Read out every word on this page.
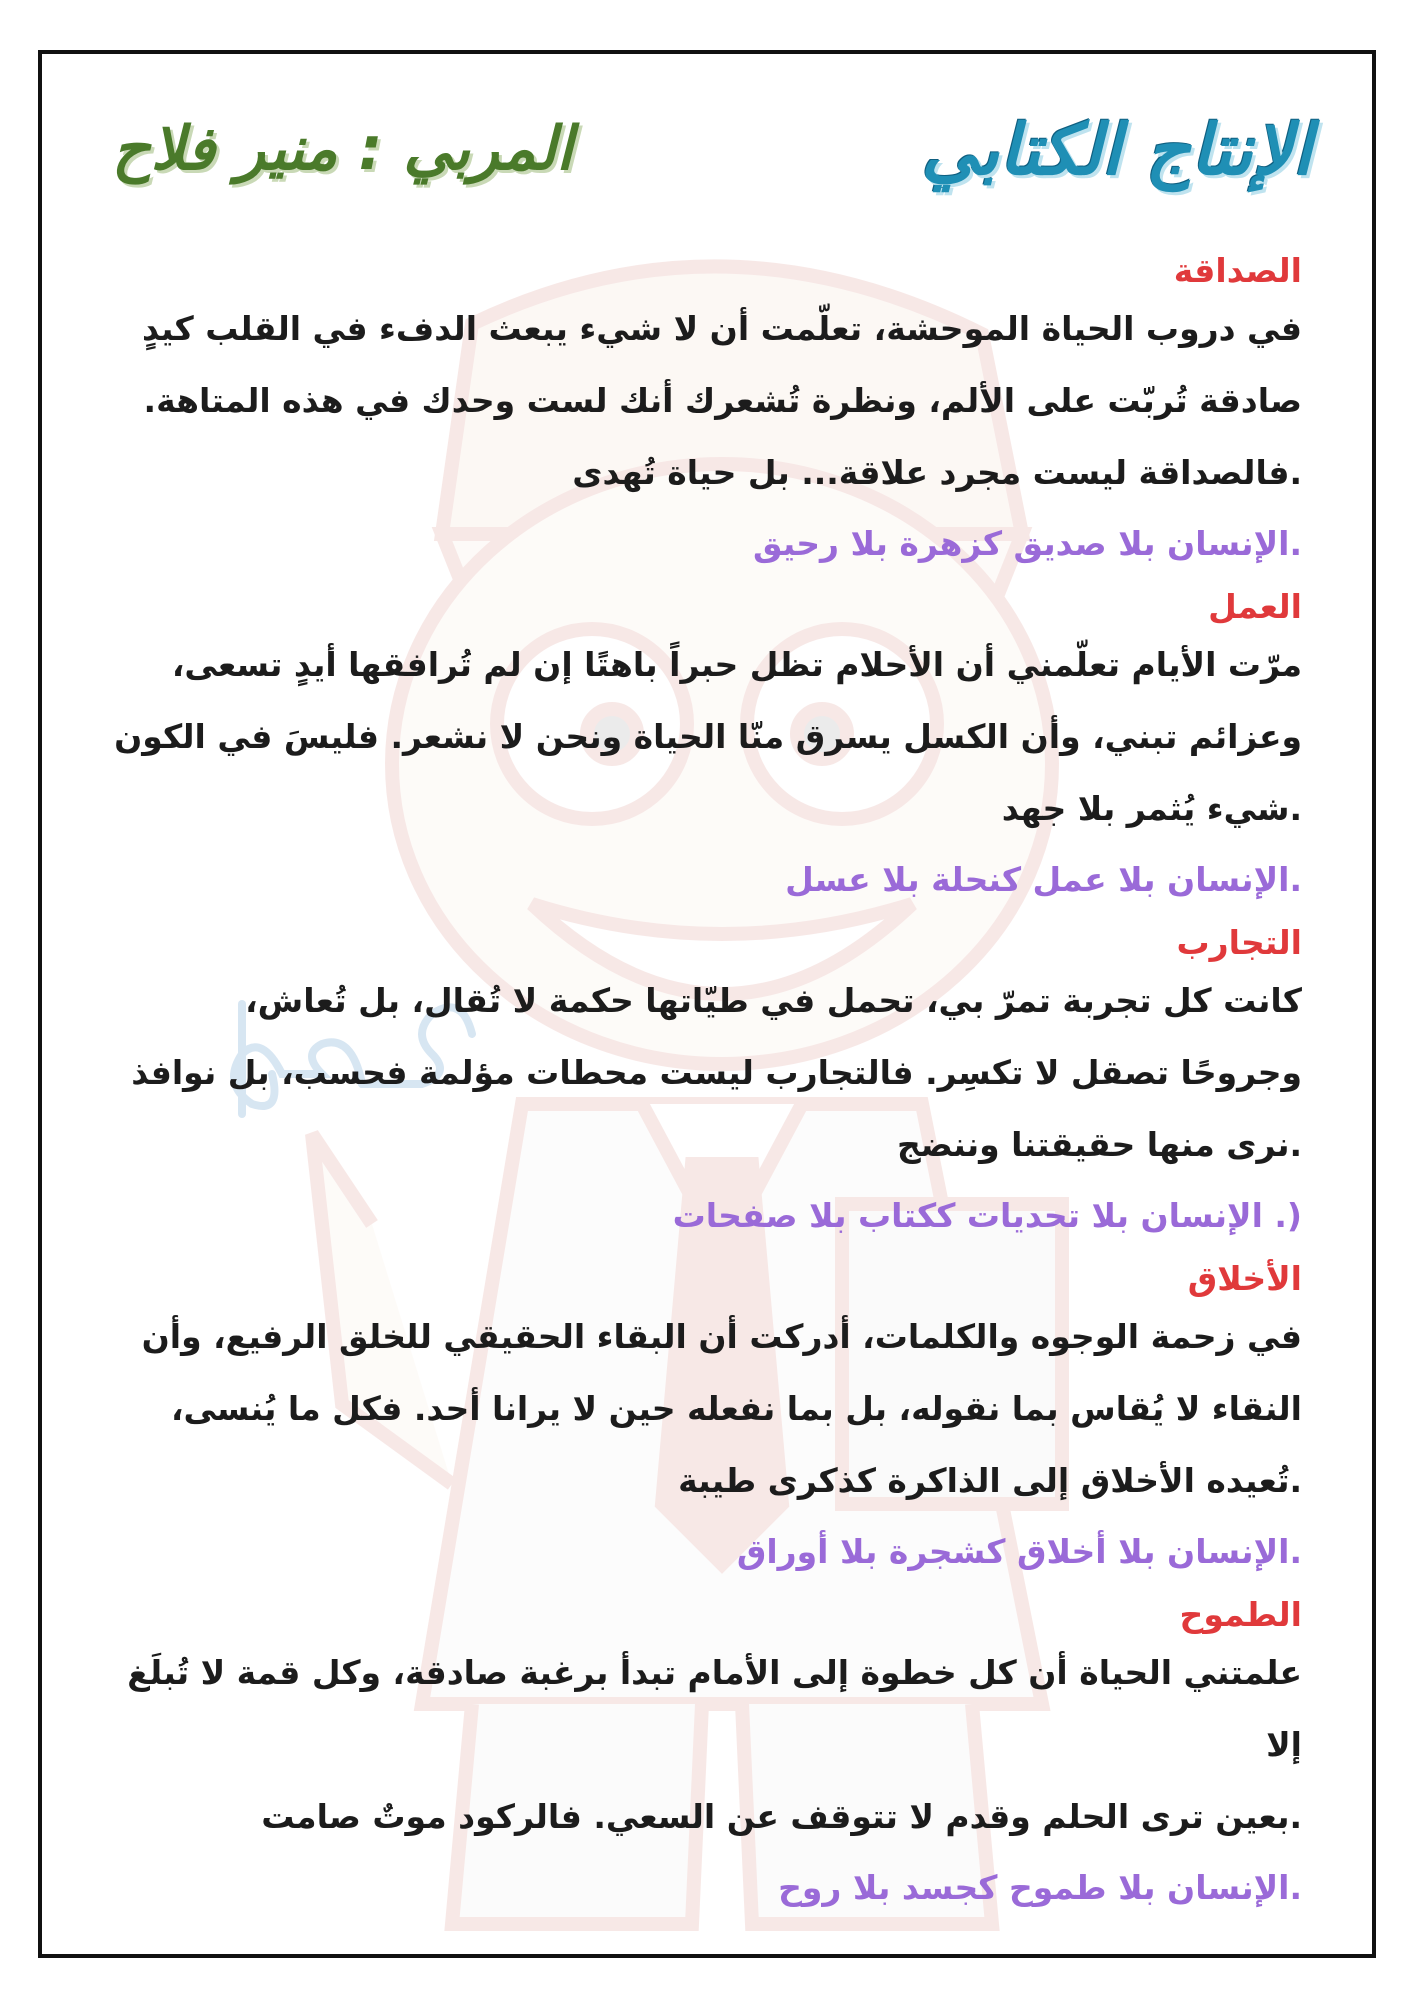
الإنتاج الكتابي
المربي : منير فلاح
الصداقة

في دروب الحياة الموحشة، تعلّمت أن لا شيء يبعث الدفء في القلب كيدٍ

صادقة تُربّت على الألم، ونظرة تُشعرك أنك لست وحدك في هذه المتاهة.

.فالصداقة ليست مجرد علاقة... بل حياة تُهدى

.الإنسان بلا صديق كزهرة بلا رحيق

العمل

مرّت الأيام تعلّمني أن الأحلام تظل حبراً باهتًا إن لم تُرافقها أيدٍ تسعى،

وعزائم تبني، وأن الكسل يسرق منّا الحياة ونحن لا نشعر. فليسَ في الكون

.شيء يُثمر بلا جهد

.الإنسان بلا عمل كنحلة بلا عسل

التجارب

كانت كل تجربة تمرّ بي، تحمل في طيّاتها حكمة لا تُقال، بل تُعاش،

وجروحًا تصقل لا تكسِر. فالتجارب ليست محطات مؤلمة فحسب، بل نوافذ

.نرى منها حقيقتنا وننضج

(. الإنسان بلا تحديات ككتاب بلا صفحات

الأخلاق

في زحمة الوجوه والكلمات، أدركت أن البقاء الحقيقي للخلق الرفيع، وأن

النقاء لا يُقاس بما نقوله، بل بما نفعله حين لا يرانا أحد. فكل ما يُنسى،

.تُعيده الأخلاق إلى الذاكرة كذكرى طيبة

.الإنسان بلا أخلاق كشجرة بلا أوراق

الطموح

علمتني الحياة أن كل خطوة إلى الأمام تبدأ برغبة صادقة، وكل قمة لا تُبلَغ إلا

.بعين ترى الحلم وقدم لا تتوقف عن السعي. فالركود موتٌ صامت

.الإنسان بلا طموح كجسد بلا روح
